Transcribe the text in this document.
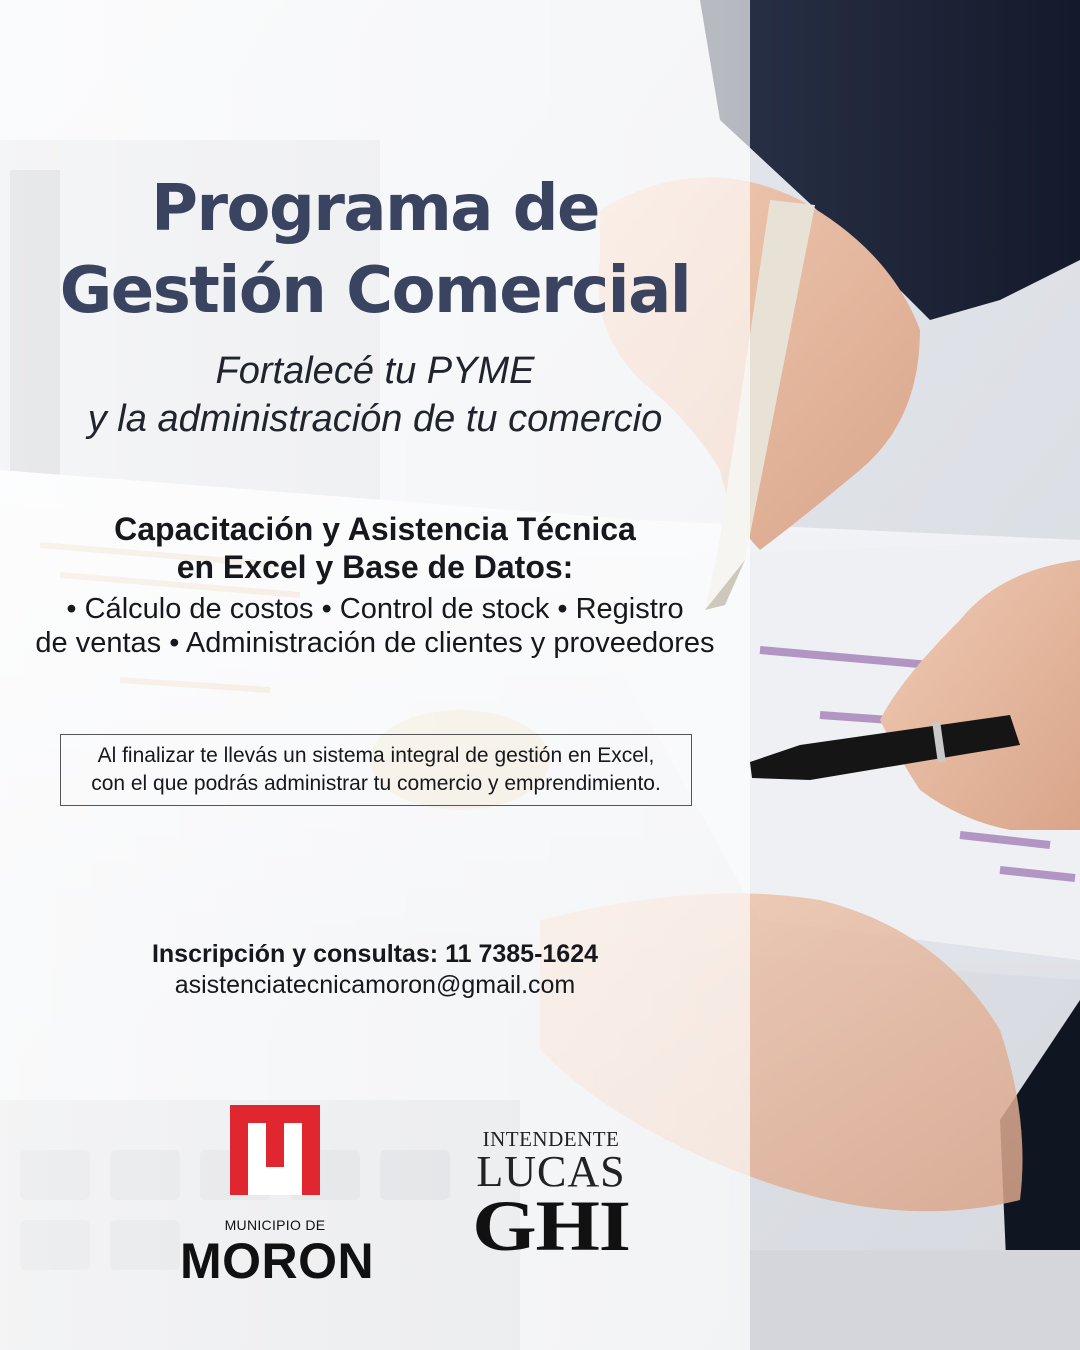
Programa de
Gestión Comercial
Fortalecé tu PYME
y la administración de tu comercio
Capacitación y Asistencia Técnica
en Excel y Base de Datos:
• Cálculo de costos • Control de stock • Registro
de ventas • Administración de clientes y proveedores
Al finalizar te llevás un sistema integral de gestión en Excel,
con el que podrás administrar tu comercio y emprendimiento.
Inscripción y consultas: 11 7385-1624
asistenciatecnicamoron@gmail.com
MUNICIPIO DE
MORON
INTENDENTE
LUCAS
GHI
